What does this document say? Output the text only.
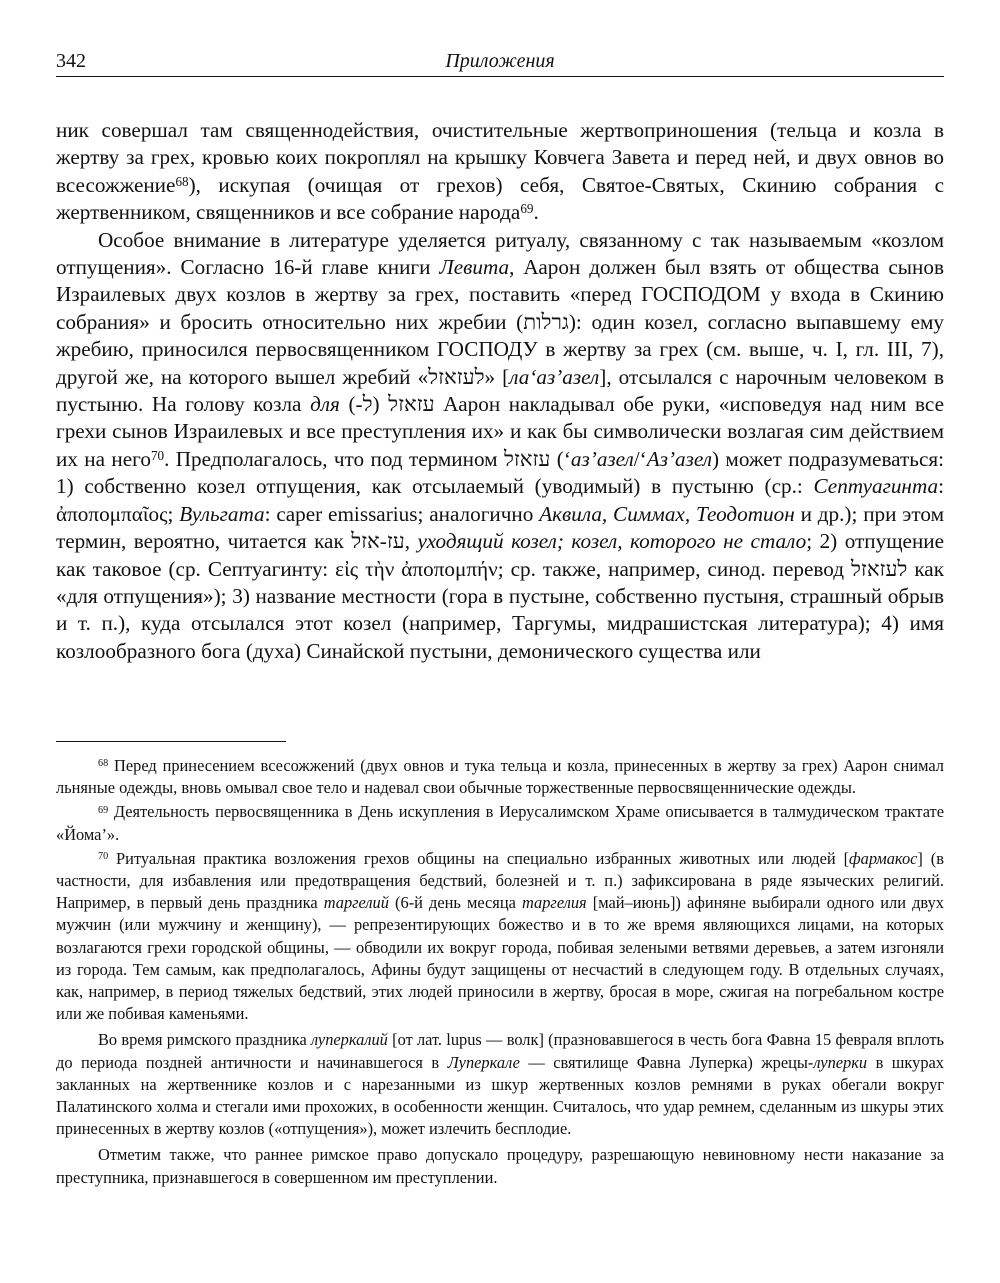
342	Приложения

ник совершал там священнодействия, очистительные жертвоприношения (тельца и козла в жертву за грех, кровью коих покроплял на крышку Ковчега Завета и перед ней, и двух овнов во всесожжение$^{68}$), искупая (очищая от грехов) себя, Святое-Святых, Скинию собрания с жертвенником, священников и все собрание народа$^{69}$.

Особое внимание в литературе уделяется ритуалу, связанному с так называемым «козлом отпущения». Согласно 16-й главе книги Левита, Аарон должен был взять от общества сынов Израилевых двух козлов в жертву за грех, поставить «перед ГОСПОДОМ у входа в Скинию собрания» и бросить относительно них жребии (גרלות): один козел, согласно выпавшему ему жребию, приносился первосвященником ГОСПОДУ в жертву за грех (см. выше, ч. I, гл. III, 7), другой же, на которого вышел жребий «לעזאזל» [ла‘аз’азел], отсылался с нарочным человеком в пустыню. На голову козла для (-ל) עזאזל Аарон накладывал обе руки, «исповедуя над ним все грехи сынов Израилевых и все преступления их» и как бы символически возлагая сим действием их на него$^{70}$. Предполагалось, что под термином עזאזל (‘аз’азел/‘Аз’азел) может подразумеваться: 1) собственно козел отпущения, как отсылаемый (уводимый) в пустыню (ср.: Септуагинта: ἀποπομπαῖος; Вульгата: caper emissarius; аналогично Аквила, Симмах, Теодотион и др.); при этом термин, вероятно, читается как עז-אזל, уходящий козел; козел, которого не стало; 2) отпущение как таковое (ср. Септуагинту: εἰς τὴν ἀποπομπήν; ср. также, например, синод. перевод לעזאזל как «для отпущения»); 3) название местности (гора в пустыне, собственно пустыня, страшный обрыв и т. п.), куда отсылался этот козел (например, Таргумы, мидрашистская литература); 4) имя козлообразного бога (духа) Синайской пустыни, демонического существа или

$^{68}$ Перед принесением всесожжений (двух овнов и тука тельца и козла, принесенных в жертву за грех) Аарон снимал льняные одежды, вновь омывал свое тело и надевал свои обычные торжественные первосвященнические одежды.

$^{69}$ Деятельность первосвященника в День искупления в Иерусалимском Храме описывается в талмудическом трактате «Йома’».

$^{70}$ Ритуальная практика возложения грехов общины на специально избранных животных или людей [фармакос] (в частности, для избавления или предотвращения бедствий, болезней и т. п.) зафиксирована в ряде языческих религий. Например, в первый день праздника таргелий (6-й день месяца таргелия [май–июнь]) афиняне выбирали одного или двух мужчин (или мужчину и женщину), — репрезентирующих божество и в то же время являющихся лицами, на которых возлагаются грехи городской общины, — обводили их вокруг города, побивая зелеными ветвями деревьев, а затем изгоняли из города. Тем самым, как предполагалось, Афины будут защищены от несчастий в следующем году. В отдельных случаях, как, например, в период тяжелых бедствий, этих людей приносили в жертву, бросая в море, сжигая на погребальном костре или же побивая каменьями.

Во время римского праздника луперкалий [от лат. lupus — волк] (празновавшегося в честь бога Фавна 15 февраля вплоть до периода поздней античности и начинавшегося в Луперкале — святилище Фавна Луперка) жрецы-луперки в шкурах закланных на жертвеннике козлов и с нарезанными из шкур жертвенных козлов ремнями в руках обегали вокруг Палатинского холма и стегали ими прохожих, в особенности женщин. Считалось, что удар ремнем, сделанным из шкуры этих принесенных в жертву козлов («отпущения»), может излечить бесплодие.

Отметим также, что раннее римское право допускало процедуру, разрешающую невиновному нести наказание за преступника, признавшегося в совершенном им преступлении.
